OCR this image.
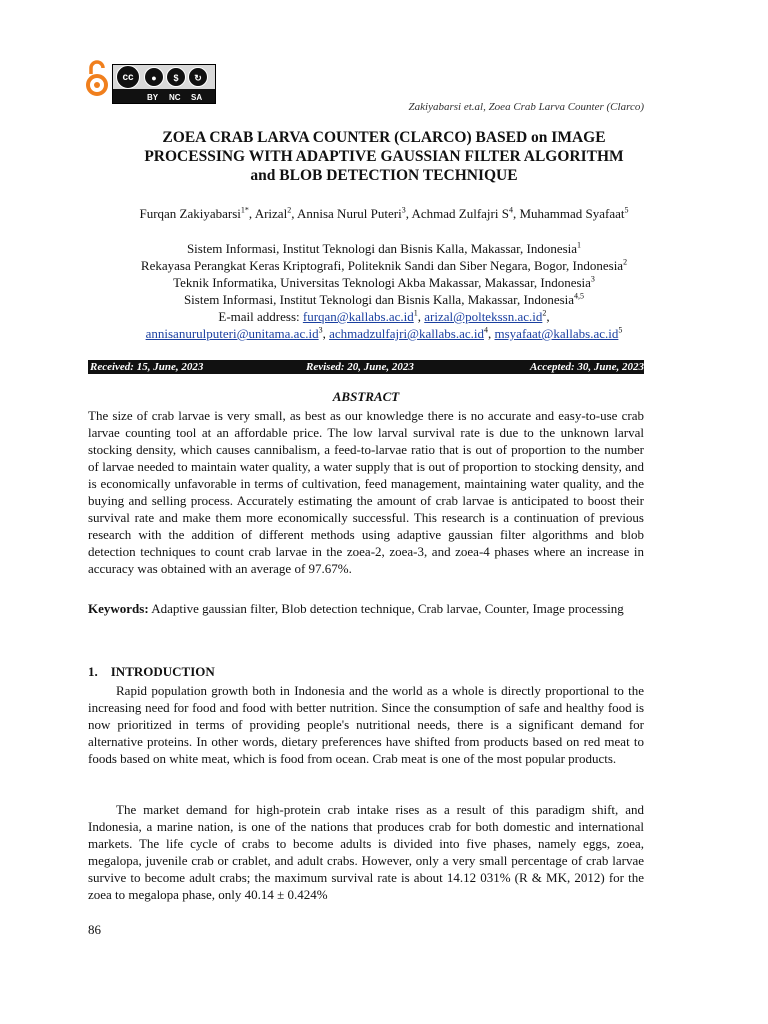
cc	●	$	↻
BY NC SA
Zakiyabarsi et.al, Zoea Crab Larva Counter (Clarco)
ZOEA CRAB LARVA COUNTER (CLARCO) BASED on IMAGE
PROCESSING WITH ADAPTIVE GAUSSIAN FILTER ALGORITHM
and BLOB DETECTION TECHNIQUE
Furqan Zakiyabarsi$^{1*}$, Arizal$^2$, Annisa Nurul Puteri$^3$, Achmad Zulfajri $S^4$, Muhammad Syafaat$^5$
Sistem Informasi, Institut Teknologi dan Bisnis Kalla, Makassar, Indonesia$^1$
Rekayasa Perangkat Keras Kriptografi, Politeknik Sandi dan Siber Negara, Bogor, Indonesia$^2$
Teknik Informatika, Universitas Teknologi Akba Makassar, Makassar, Indonesia$^3$
Sistem Informasi, Institut Teknologi dan Bisnis Kalla, Makassar, Indonesia$^{4,5}$
E-mail address: $furqan@kallabs.ac.id^1$, $arizal@poltekssn.ac.id^2$,
$annisanurulputeri@unitama.ac.id^3$, $achmadzulfajri@kallabs.ac.id^4$, $msyafaat@kallabs.ac.id^5$
Received: 15, June, 2023	Revised: 20, June, 2023	Accepted: 30, June, 2023
ABSTRACT
The size of crab larvae is very small, as best as our knowledge there is no accurate and easy-to-use crab larvae counting tool at an affordable price. The low larval survival rate is due to the unknown larval stocking density, which causes cannibalism, a feed-to-larvae ratio that is out of proportion to the number of larvae needed to maintain water quality, a water supply that is out of proportion to stocking density, and is economically unfavorable in terms of cultivation, feed management, maintaining water quality, and the buying and selling process. Accurately estimating the amount of crab larvae is anticipated to boost their survival rate and make them more economically successful. This research is a continuation of previous research with the addition of different methods using adaptive gaussian filter algorithms and blob detection techniques to count crab larvae in the zoea-2, zoea-3, and zoea-4 phases where an increase in accuracy was obtained with an average of 97.67%.
Keywords: Adaptive gaussian filter, Blob detection technique, Crab larvae, Counter, Image processing
1.    INTRODUCTION
Rapid population growth both in Indonesia and the world as a whole is directly proportional to the increasing need for food and food with better nutrition. Since the consumption of safe and healthy food is now prioritized in terms of providing people's nutritional needs, there is a significant demand for alternative proteins. In other words, dietary preferences have shifted from products based on red meat to foods based on white meat, which is food from ocean. Crab meat is one of the most popular products.
The market demand for high-protein crab intake rises as a result of this paradigm shift, and Indonesia, a marine nation, is one of the nations that produces crab for both domestic and international markets. The life cycle of crabs to become adults is divided into five phases, namely eggs, zoea, megalopa, juvenile crab or crablet, and adult crabs. However, only a very small percentage of crab larvae survive to become adult crabs; the maximum survival rate is about 14.12 031% (R & MK, 2012) for the zoea to megalopa phase, only 40.14 ± 0.424%
86
